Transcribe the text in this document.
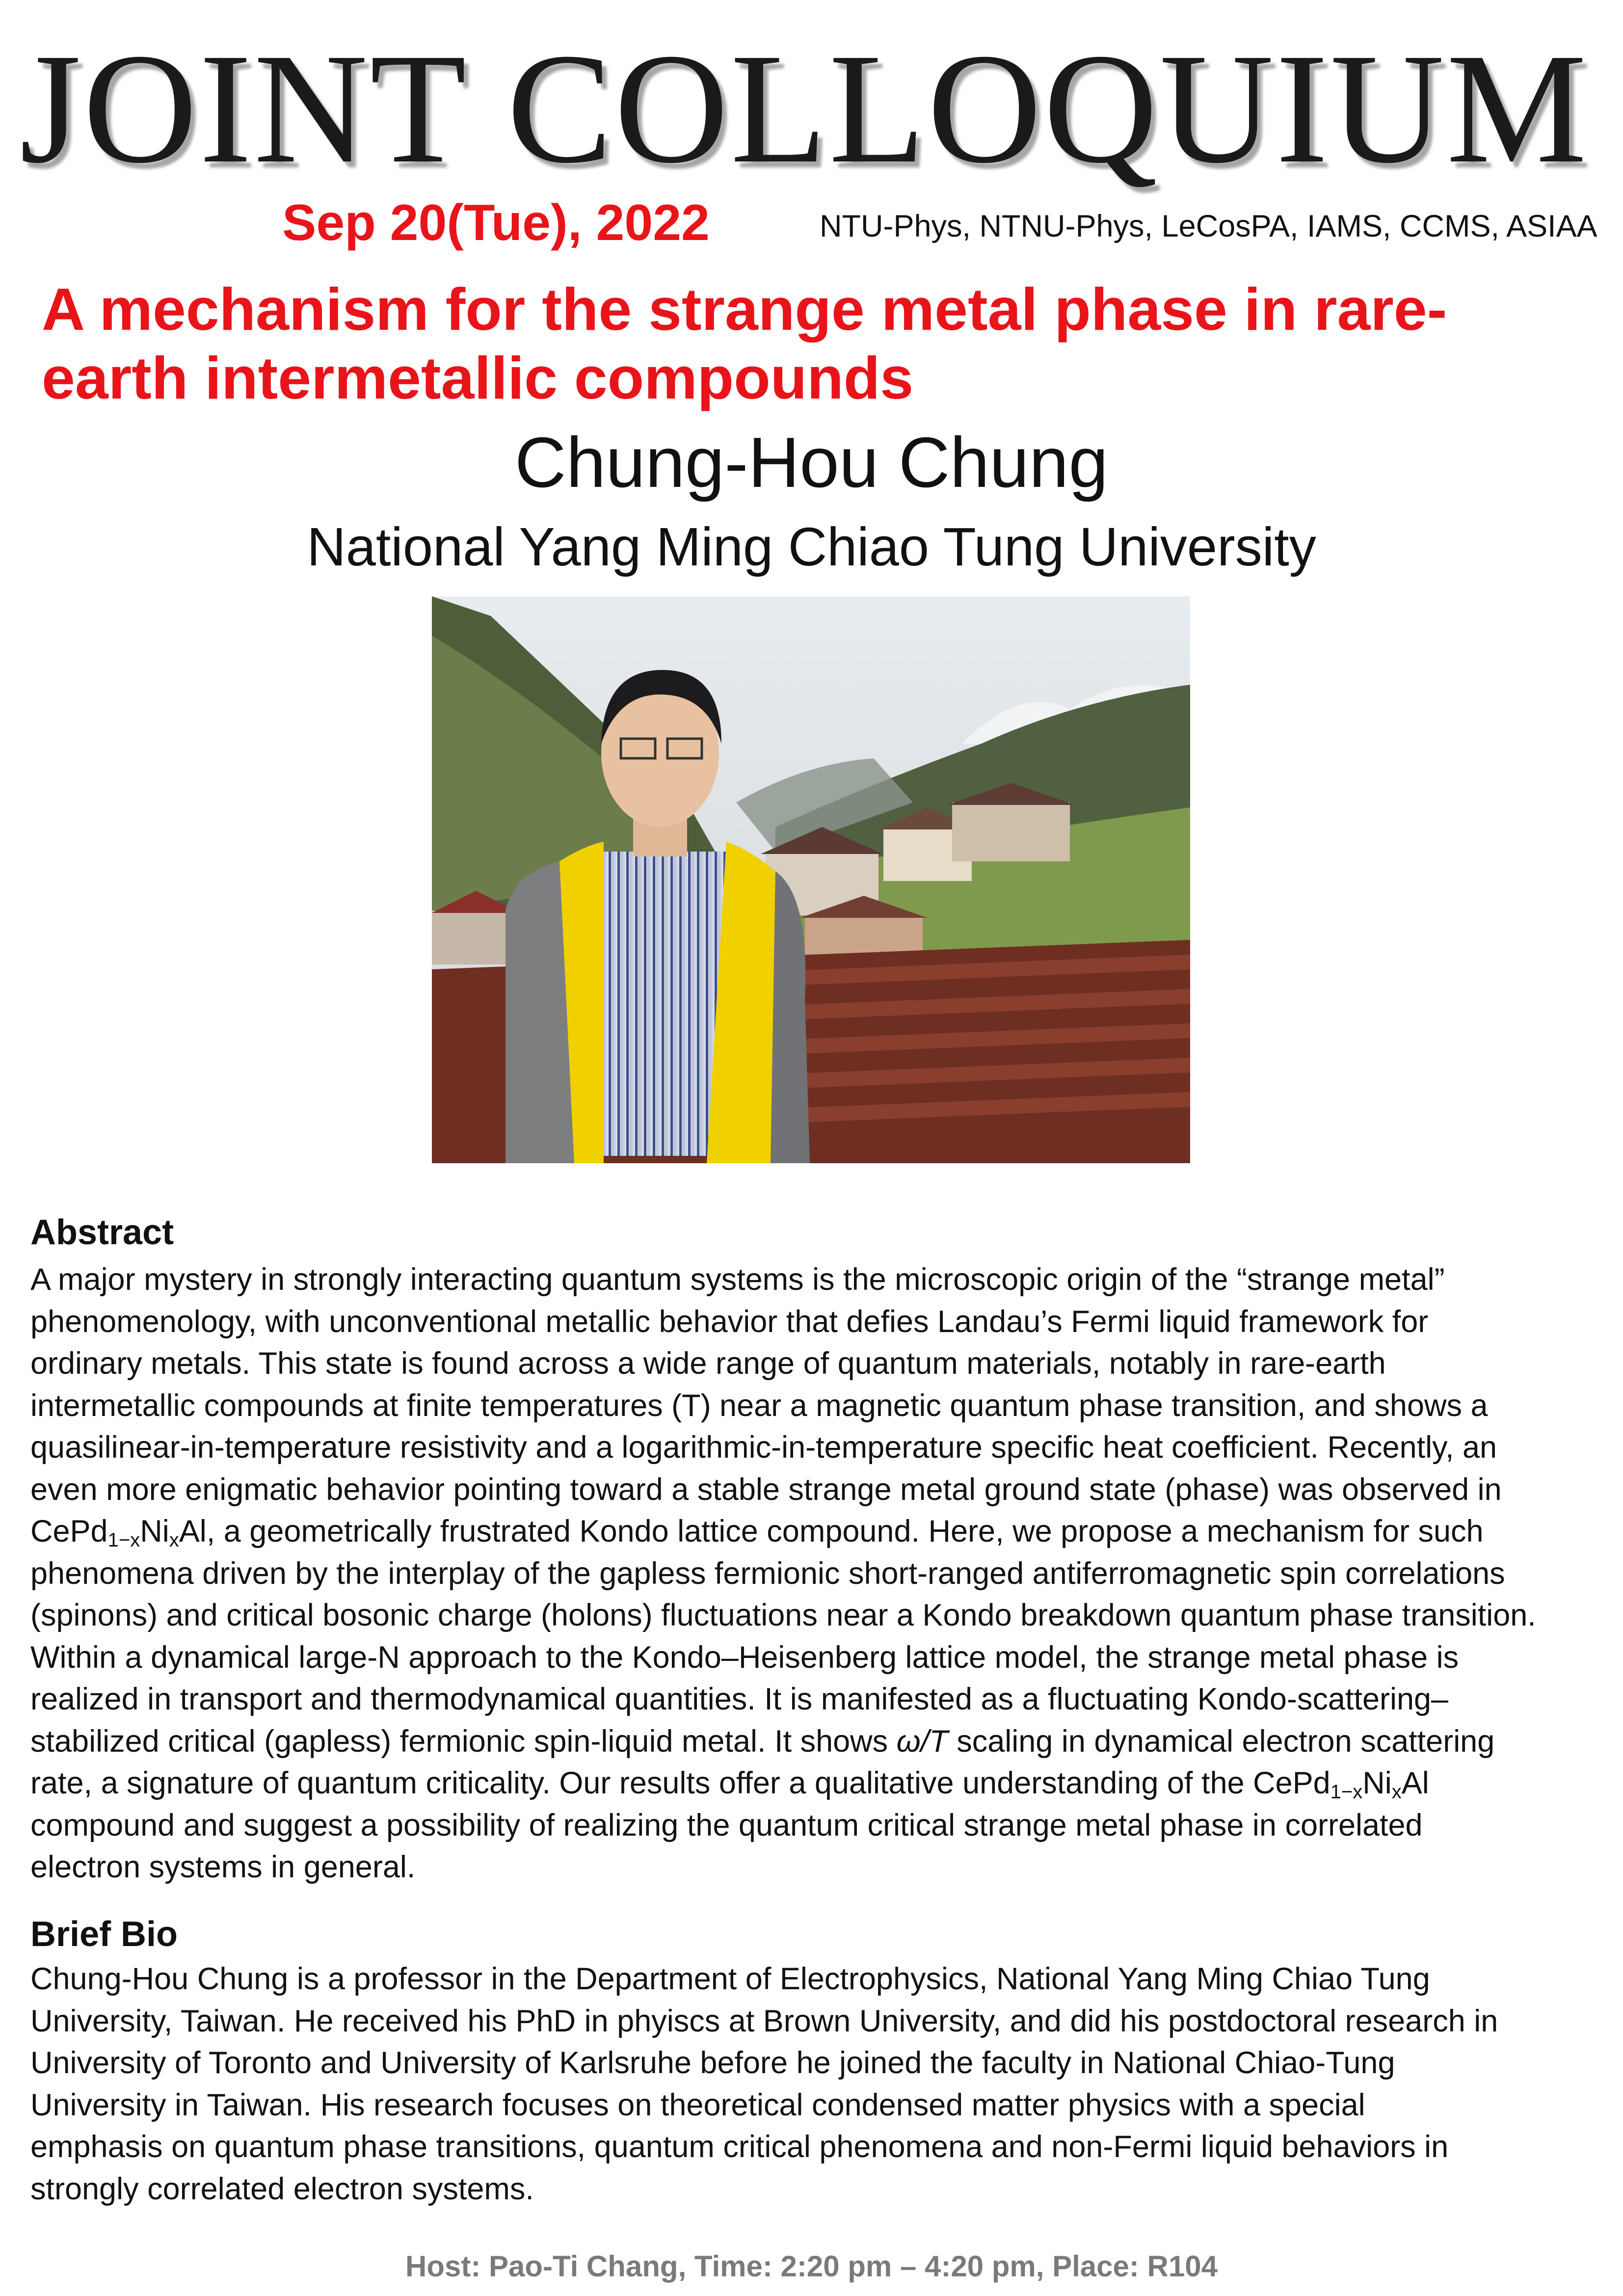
JOINT COLLOQUIUM
Sep 20(Tue), 2022	NTU-Phys, NTNU-Phys, LeCosPA, IAMS, CCMS, ASIAA
A mechanism for the strange metal phase in rare-
earth intermetallic compounds
Chung-Hou Chung
National Yang Ming Chiao Tung University
Abstract
A major mystery in strongly interacting quantum systems is the microscopic origin of the “strange metal”
phenomenology, with unconventional metallic behavior that defies Landau’s Fermi liquid framework for
ordinary metals. This state is found across a wide range of quantum materials, notably in rare-earth
intermetallic compounds at finite temperatures (T) near a magnetic quantum phase transition, and shows a
quasilinear-in-temperature resistivity and a logarithmic-in-temperature specific heat coefficient. Recently, an
even more enigmatic behavior pointing toward a stable strange metal ground state (phase) was observed in
$CePd_{1-x}Ni_xAl$, a geometrically frustrated Kondo lattice compound. Here, we propose a mechanism for such
phenomena driven by the interplay of the gapless fermionic short-ranged antiferromagnetic spin correlations
(spinons) and critical bosonic charge (holons) fluctuations near a Kondo breakdown quantum phase transition.
Within a dynamical large-N approach to the Kondo–Heisenberg lattice model, the strange metal phase is
realized in transport and thermodynamical quantities. It is manifested as a fluctuating Kondo-scattering–
stabilized critical (gapless) fermionic spin-liquid metal. It shows ω/T scaling in dynamical electron scattering
rate, a signature of quantum criticality. Our results offer a qualitative understanding of the $CePd_{1-x}Ni_xAl$
compound and suggest a possibility of realizing the quantum critical strange metal phase in correlated
electron systems in general.
Brief Bio
Chung-Hou Chung is a professor in the Department of Electrophysics, National Yang Ming Chiao Tung
University, Taiwan. He received his PhD in phyiscs at Brown University, and did his postdoctoral research in
University of Toronto and University of Karlsruhe before he joined the faculty in National Chiao-Tung
University in Taiwan. His research focuses on theoretical condensed matter physics with a special
emphasis on quantum phase transitions, quantum critical phenomena and non-Fermi liquid behaviors in
strongly correlated electron systems.
Host: Pao-Ti Chang, Time: 2:20 pm – 4:20 pm, Place: R104
